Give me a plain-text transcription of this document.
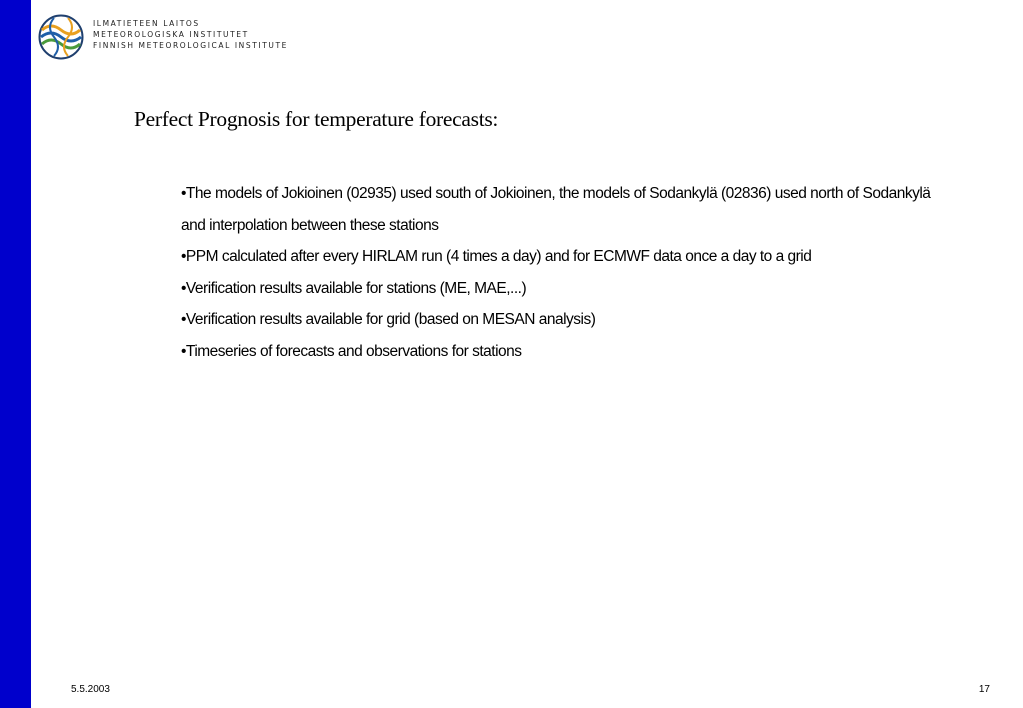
ILMATIETEEN LAITOS
METEOROLOGISKA INSTITUTET
FINNISH METEOROLOGICAL INSTITUTE
Perfect Prognosis for temperature forecasts:
•The models of Jokioinen (02935) used south of Jokioinen, the models of Sodankylä (02836) used north of Sodankylä and interpolation between these stations
•PPM calculated after every HIRLAM run (4 times a day) and for ECMWF data once a day to a grid
•Verification results available for stations (ME, MAE,...)
•Verification results available for grid (based on MESAN analysis)
•Timeseries of forecasts and observations for stations
5.5.2003	17
